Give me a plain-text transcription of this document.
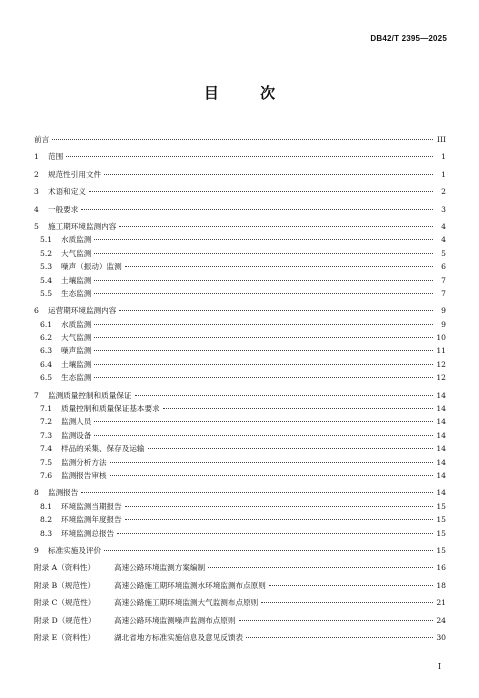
DB42/T 2395—2025
目 次
前言	III
1	范围	1
2	规范性引用文件	1
3	术语和定义	2
4	一般要求	3
5	施工期环境监测内容	4
5.1	水质监测	4
5.2	大气监测	5
5.3	噪声（振动）监测	6
5.4	土壤监测	7
5.5	生态监测	7
6	运营期环境监测内容	9
6.1	水质监测	9
6.2	大气监测	10
6.3	噪声监测	11
6.4	土壤监测	12
6.5	生态监测	12
7	监测质量控制和质量保证	14
7.1	质量控制和质量保证基本要求	14
7.2	监测人员	14
7.3	监测设备	14
7.4	样品的采集、保存及运输	14
7.5	监测分析方法	14
7.6	监测报告审核	14
8	监测报告	14
8.1	环境监测当期报告	15
8.2	环境监测年度报告	15
8.3	环境监测总报告	15
9	标准实施及评价	15
附录 A（资料性）	高速公路环境监测方案编制	16
附录 B（规范性）	高速公路施工期环境监测水环境监测布点原则	18
附录 C（规范性）	高速公路施工期环境监测大气监测布点原则	21
附录 D（规范性）	高速公路环境监测噪声监测布点原则	24
附录 E（资料性）	湖北省地方标准实施信息及意见反馈表	30
I
